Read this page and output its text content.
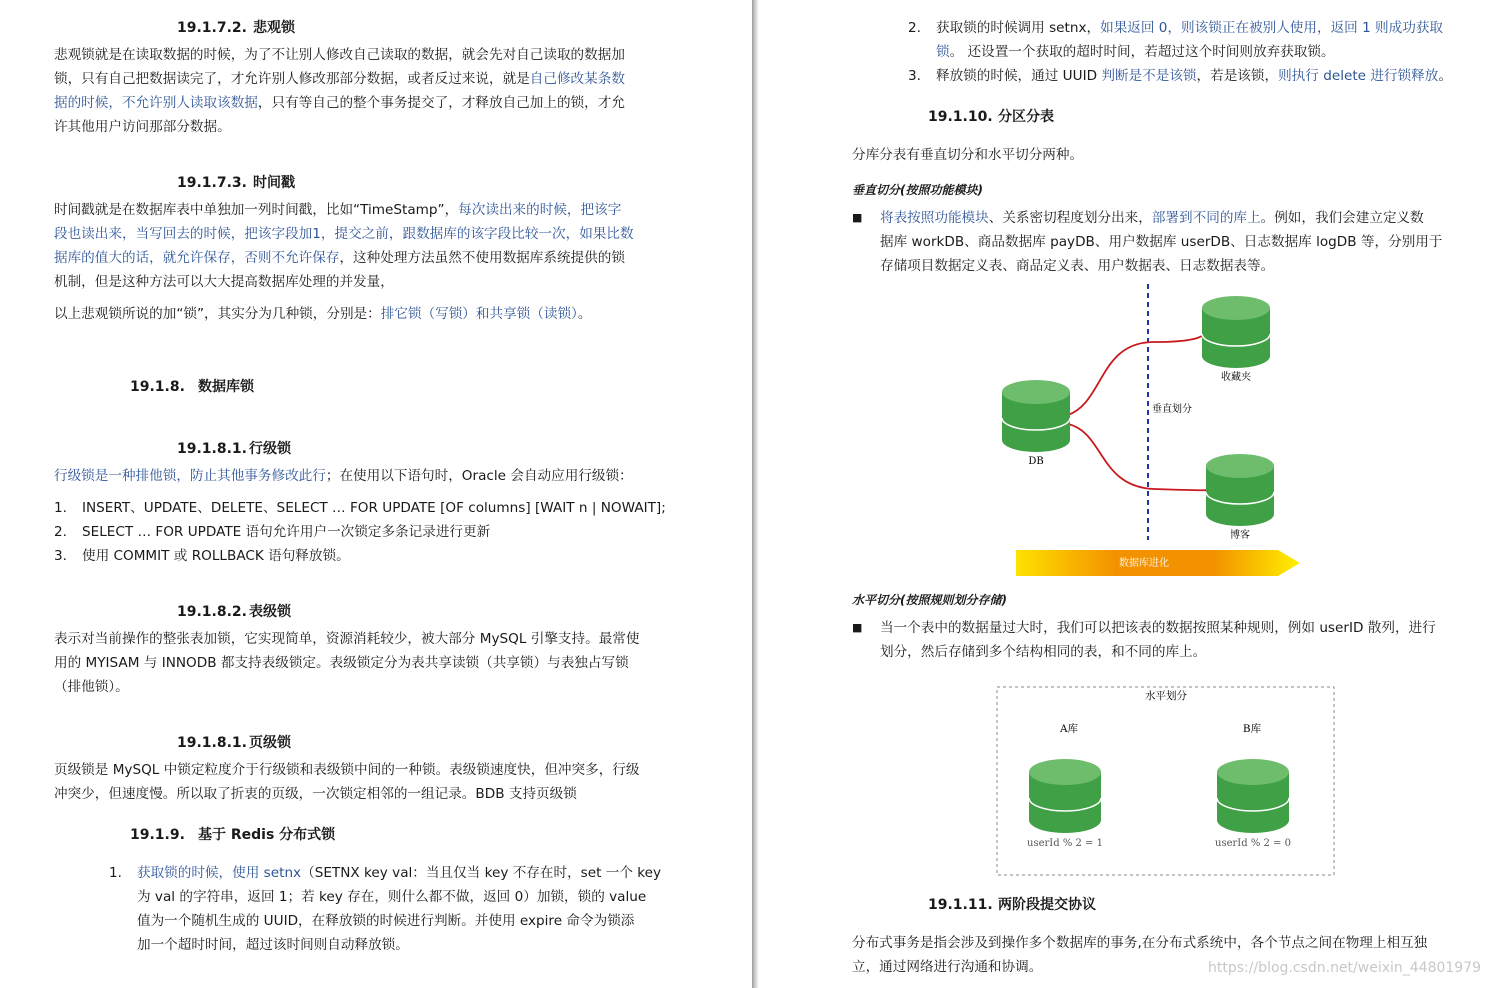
19.1.7.2. 悲观锁
悲观锁就是在读取数据的时候，为了不让别人修改自己读取的数据，就会先对自己读取的数据加
锁，只有自己把数据读完了，才允许别人修改那部分数据，或者反过来说，就是自己修改某条数
据的时候，不允许别人读取该数据，只有等自己的整个事务提交了，才释放自己加上的锁，才允
许其他用户访问那部分数据。
19.1.7.3. 时间戳
时间戳就是在数据库表中单独加一列时间戳，比如“TimeStamp”，每次读出来的时候，把该字
段也读出来，当写回去的时候，把该字段加1，提交之前，跟数据库的该字段比较一次，如果比数
据库的值大的话，就允许保存，否则不允许保存，这种处理方法虽然不使用数据库系统提供的锁
机制，但是这种方法可以大大提高数据库处理的并发量，
以上悲观锁所说的加“锁”，其实分为几种锁，分别是：排它锁（写锁）和共享锁（读锁）。
19.1.8. 数据库锁
19.1.8.1. 行级锁
行级锁是一种排他锁，防止其他事务修改此行；在使用以下语句时，Oracle 会自动应用行级锁：
1. INSERT、UPDATE、DELETE、SELECT … FOR UPDATE [OF columns] [WAIT n | NOWAIT];
2. SELECT … FOR UPDATE 语句允许用户一次锁定多条记录进行更新
3. 使用 COMMIT 或 ROLLBACK 语句释放锁。
19.1.8.2. 表级锁
表示对当前操作的整张表加锁，它实现简单，资源消耗较少，被大部分 MySQL 引擎支持。最常使
用的 MYISAM 与 INNODB 都支持表级锁定。表级锁定分为表共享读锁（共享锁）与表独占写锁
（排他锁）。
19.1.8.1. 页级锁
页级锁是 MySQL 中锁定粒度介于行级锁和表级锁中间的一种锁。表级锁速度快，但冲突多，行级
冲突少，但速度慢。所以取了折衷的页级，一次锁定相邻的一组记录。BDB 支持页级锁
19.1.9. 基于 Redis 分布式锁
1. 获取锁的时候，使用 setnx（SETNX key val：当且仅当 key 不存在时，set 一个 key
为 val 的字符串，返回 1；若 key 存在，则什么都不做，返回 0）加锁，锁的 value
值为一个随机生成的 UUID，在释放锁的时候进行判断。并使用 expire 命令为锁添
加一个超时时间，超过该时间则自动释放锁。
2. 获取锁的时候调用 setnx，如果返回 0，则该锁正在被别人使用，返回 1 则成功获取
锁。 还设置一个获取的超时时间，若超过这个时间则放弃获取锁。
3. 释放锁的时候，通过 UUID 判断是不是该锁，若是该锁，则执行 delete 进行锁释放。
19.1.10. 分区分表
分库分表有垂直切分和水平切分两种。
垂直切分(按照功能模块)
■ 将表按照功能模块、关系密切程度划分出来，部署到不同的库上。例如，我们会建立定义数
据库 workDB、商品数据库 payDB、用户数据库 userDB、日志数据库 logDB 等，分别用于
存储项目数据定义表、商品定义表、用户数据表、日志数据表等。
DB
收藏夹
博客
垂直划分
数据库进化
水平切分(按照规则划分存储)
■ 当一个表中的数据量过大时，我们可以把该表的数据按照某种规则，例如 userID 散列，进行
划分，然后存储到多个结构相同的表，和不同的库上。
水平划分
A库	B库
userId % 2 = 1	userId % 2 = 0
19.1.11. 两阶段提交协议
分布式事务是指会涉及到操作多个数据库的事务,在分布式系统中，各个节点之间在物理上相互独
立，通过网络进行沟通和协调。	https://blog.csdn.net/weixin_44801979
